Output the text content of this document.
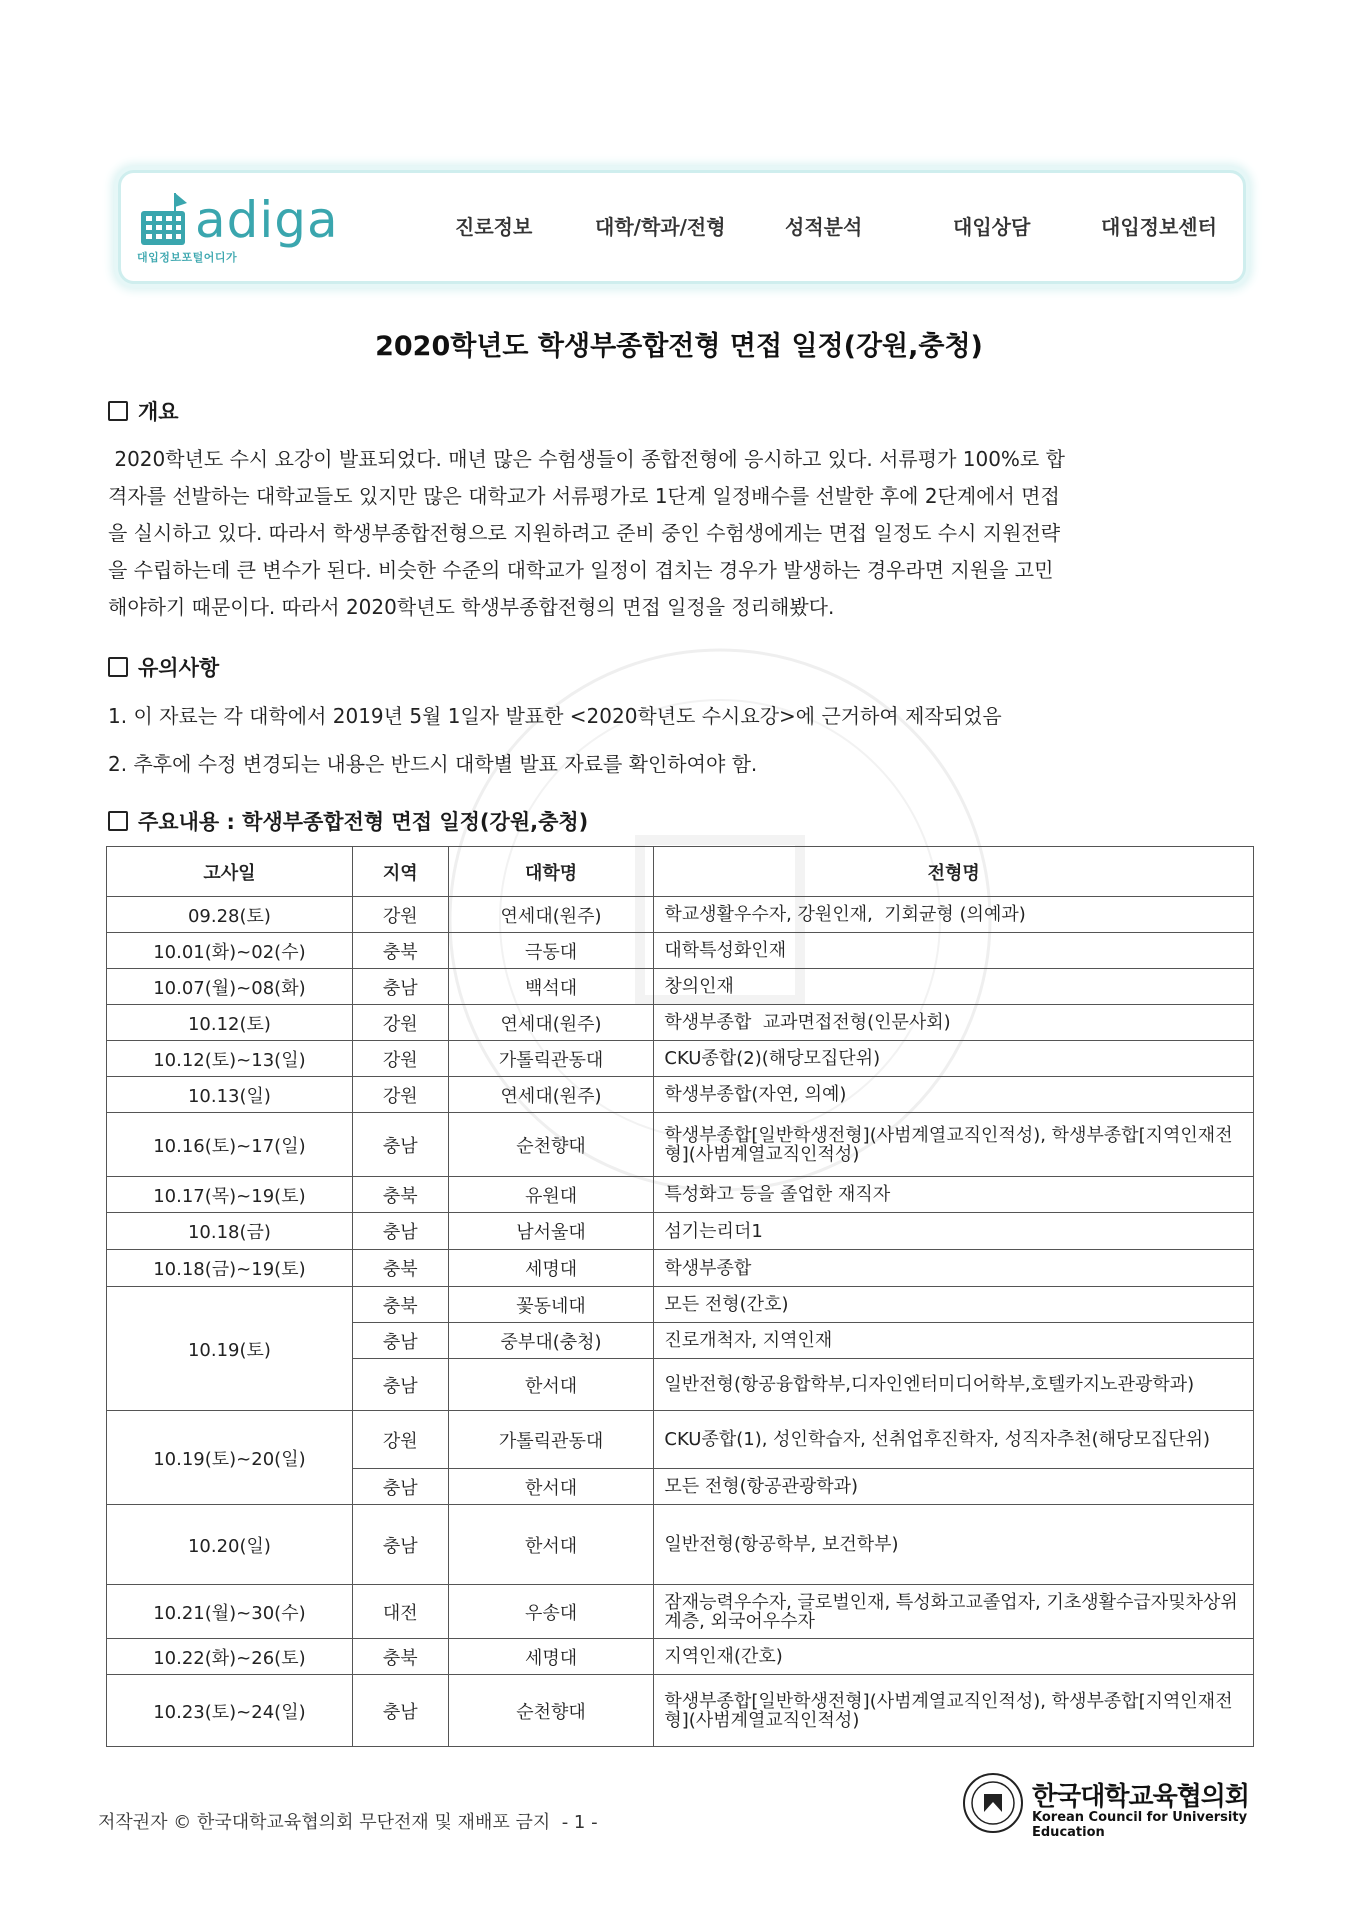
adiga
대입정보포털어디가
진로정보	대학/학과/전형	성적분석	대입상담	대입정보센터
2020학년도 학생부종합전형 면접 일정(강원,충청)
개요
2020학년도 수시 요강이 발표되었다. 매년 많은 수험생들이 종합전형에 응시하고 있다. 서류평가 100%로 합
격자를 선발하는 대학교들도 있지만 많은 대학교가 서류평가로 1단계 일정배수를 선발한 후에 2단계에서 면접
을 실시하고 있다. 따라서 학생부종합전형으로 지원하려고 준비 중인 수험생에게는 면접 일정도 수시 지원전략
을 수립하는데 큰 변수가 된다. 비슷한 수준의 대학교가 일정이 겹치는 경우가 발생하는 경우라면 지원을 고민
해야하기 때문이다. 따라서 2020학년도 학생부종합전형의 면접 일정을 정리해봤다.
유의사항
1. 이 자료는 각 대학에서 2019년 5월 1일자 발표한 <2020학년도 수시요강>에 근거하여 제작되었음
2. 추후에 수정 변경되는 내용은 반드시 대학별 발표 자료를 확인하여야 함.
주요내용 : 학생부종합전형 면접 일정(강원,충청)
고사일	지역	대학명	전형명
09.28(토)	강원	연세대(원주)	학교생활우수자, 강원인재,  기회균형 (의예과)
10.01(화)~02(수)	충북	극동대	대학특성화인재
10.07(월)~08(화)	충남	백석대	창의인재
10.12(토)	강원	연세대(원주)	학생부종합  교과면접전형(인문사회)
10.12(토)~13(일)	강원	가톨릭관동대	CKU종합(2)(해당모집단위)
10.13(일)	강원	연세대(원주)	학생부종합(자연, 의예)
10.16(토)~17(일)	충남	순천향대	학생부종합[일반학생전형](사범계열교직인적성), 학생부종합[지역인재전형](사범계열교직인적성)
10.17(목)~19(토)	충북	유원대	특성화고 등을 졸업한 재직자
10.18(금)	충남	남서울대	섬기는리더1
10.18(금)~19(토)	충북	세명대	학생부종합
10.19(토)	충북	꽃동네대	모든 전형(간호)
	충남	중부대(충청)	진로개척자, 지역인재
	충남	한서대	일반전형(항공융합학부,디자인엔터미디어학부,호텔카지노관광학과)
10.19(토)~20(일)	강원	가톨릭관동대	CKU종합(1), 성인학습자, 선취업후진학자, 성직자추천(해당모집단위)
	충남	한서대	모든 전형(항공관광학과)
10.20(일)	충남	한서대	일반전형(항공학부, 보건학부)
10.21(월)~30(수)	대전	우송대	잠재능력우수자, 글로벌인재, 특성화고교졸업자, 기초생활수급자및차상위계층, 외국어우수자
10.22(화)~26(토)	충북	세명대	지역인재(간호)
10.23(토)~24(일)	충남	순천향대	학생부종합[일반학생전형](사범계열교직인적성), 학생부종합[지역인재전형](사범계열교직인적성)
저작권자 © 한국대학교육협의회 무단전재 및 재배포 금지  - 1 -
한국대학교육협의회
Korean Council for University Education
